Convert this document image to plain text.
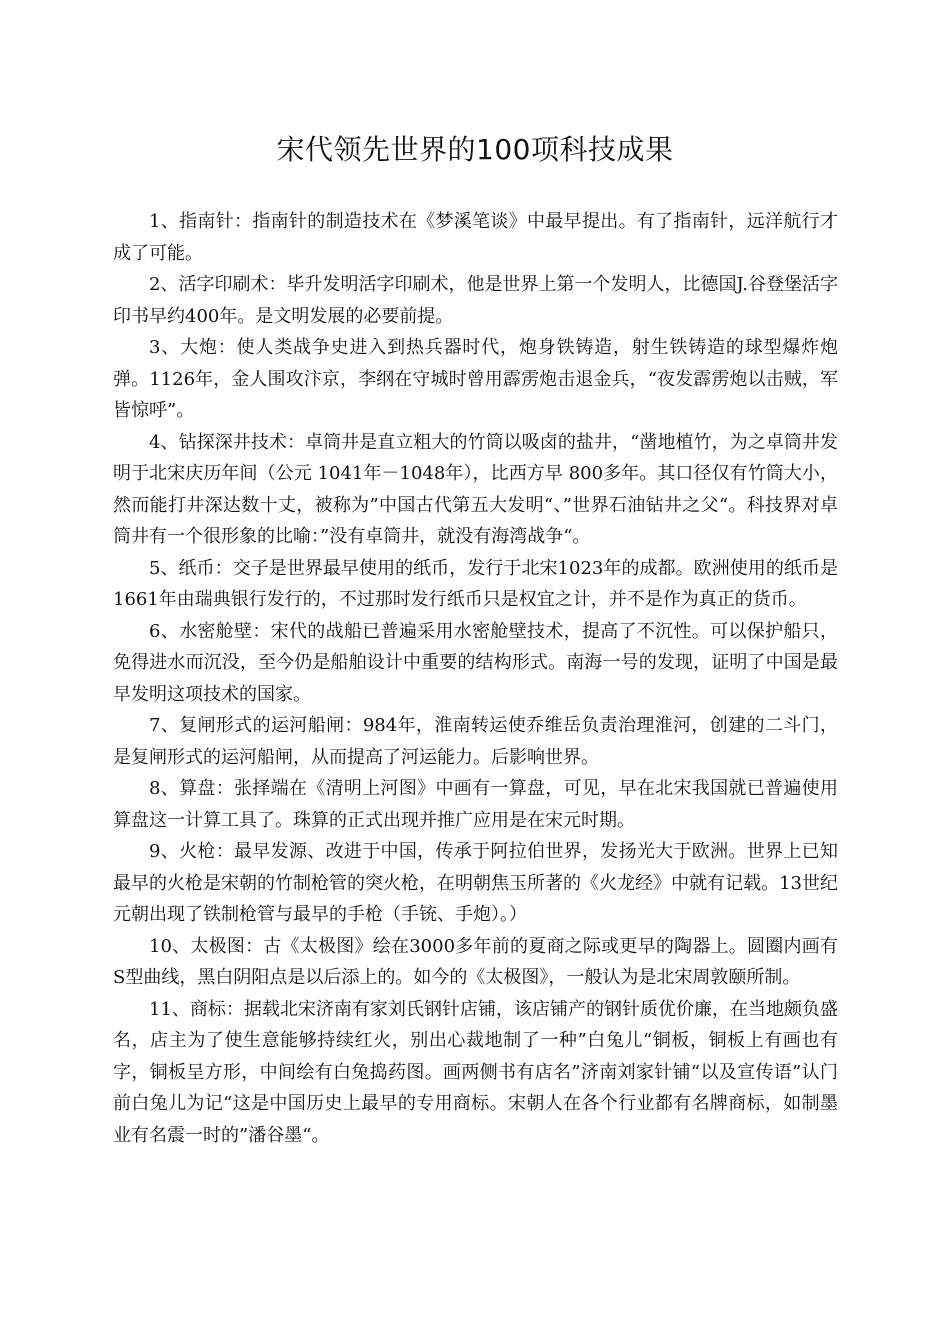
宋代领先世界的100项科技成果

1、指南针：指南针的制造技术在《梦溪笔谈》中最早提出。有了指南针，远洋航行才成了可能。

2、活字印刷术：毕升发明活字印刷术，他是世界上第一个发明人，比德国J.谷登堡活字印书早约400年。是文明发展的必要前提。

3、大炮：使人类战争史进入到热兵器时代，炮身铁铸造，射生铁铸造的球型爆炸炮弹。1126年，金人围攻汴京，李纲在守城时曾用霹雳炮击退金兵，“夜发霹雳炮以击贼，军皆惊呼”。

4、钻探深井技术：卓筒井是直立粗大的竹筒以吸卤的盐井，“凿地植竹，为之卓筒井发明于北宋庆历年间（公元 1041年－1048年），比西方早 800多年。其口径仅有竹筒大小，然而能打井深达数十丈，被称为”中国古代第五大发明“、”世界石油钻井之父“。科技界对卓筒井有一个很形象的比喻：”没有卓筒井，就没有海湾战争“。

5、纸币：交子是世界最早使用的纸币，发行于北宋1023年的成都。欧洲使用的纸币是1661年由瑞典银行发行的，不过那时发行纸币只是权宜之计，并不是作为真正的货币。

6、水密舱壁：宋代的战船已普遍采用水密舱壁技术，提高了不沉性。可以保护船只，免得进水而沉没，至今仍是船舶设计中重要的结构形式。南海一号的发现，证明了中国是最早发明这项技术的国家。

7、复闸形式的运河船闸：984年，淮南转运使乔维岳负责治理淮河，创建的二斗门，是复闸形式的运河船闸，从而提高了河运能力。后影响世界。

8、算盘：张择端在《清明上河图》中画有一算盘，可见，早在北宋我国就已普遍使用算盘这一计算工具了。珠算的正式出现并推广应用是在宋元时期。

9、火枪：最早发源、改进于中国，传承于阿拉伯世界，发扬光大于欧洲。世界上已知最早的火枪是宋朝的竹制枪管的突火枪，在明朝焦玉所著的《火龙经》中就有记载。13世纪元朝出现了铁制枪管与最早的手枪（手铳、手炮）。）

10、太极图：古《太极图》绘在3000多年前的夏商之际或更早的陶器上。圆圈内画有S型曲线，黑白阴阳点是以后添上的。如今的《太极图》，一般认为是北宋周敦颐所制。

11、商标：据载北宋济南有家刘氏钢针店铺，该店铺产的钢针质优价廉，在当地颇负盛名，店主为了使生意能够持续红火，别出心裁地制了一种”白兔儿“铜板，铜板上有画也有字，铜板呈方形，中间绘有白兔捣药图。画两侧书有店名”济南刘家针铺“以及宣传语”认门前白兔儿为记“这是中国历史上最早的专用商标。宋朝人在各个行业都有名牌商标，如制墨业有名震一时的”潘谷墨“。
